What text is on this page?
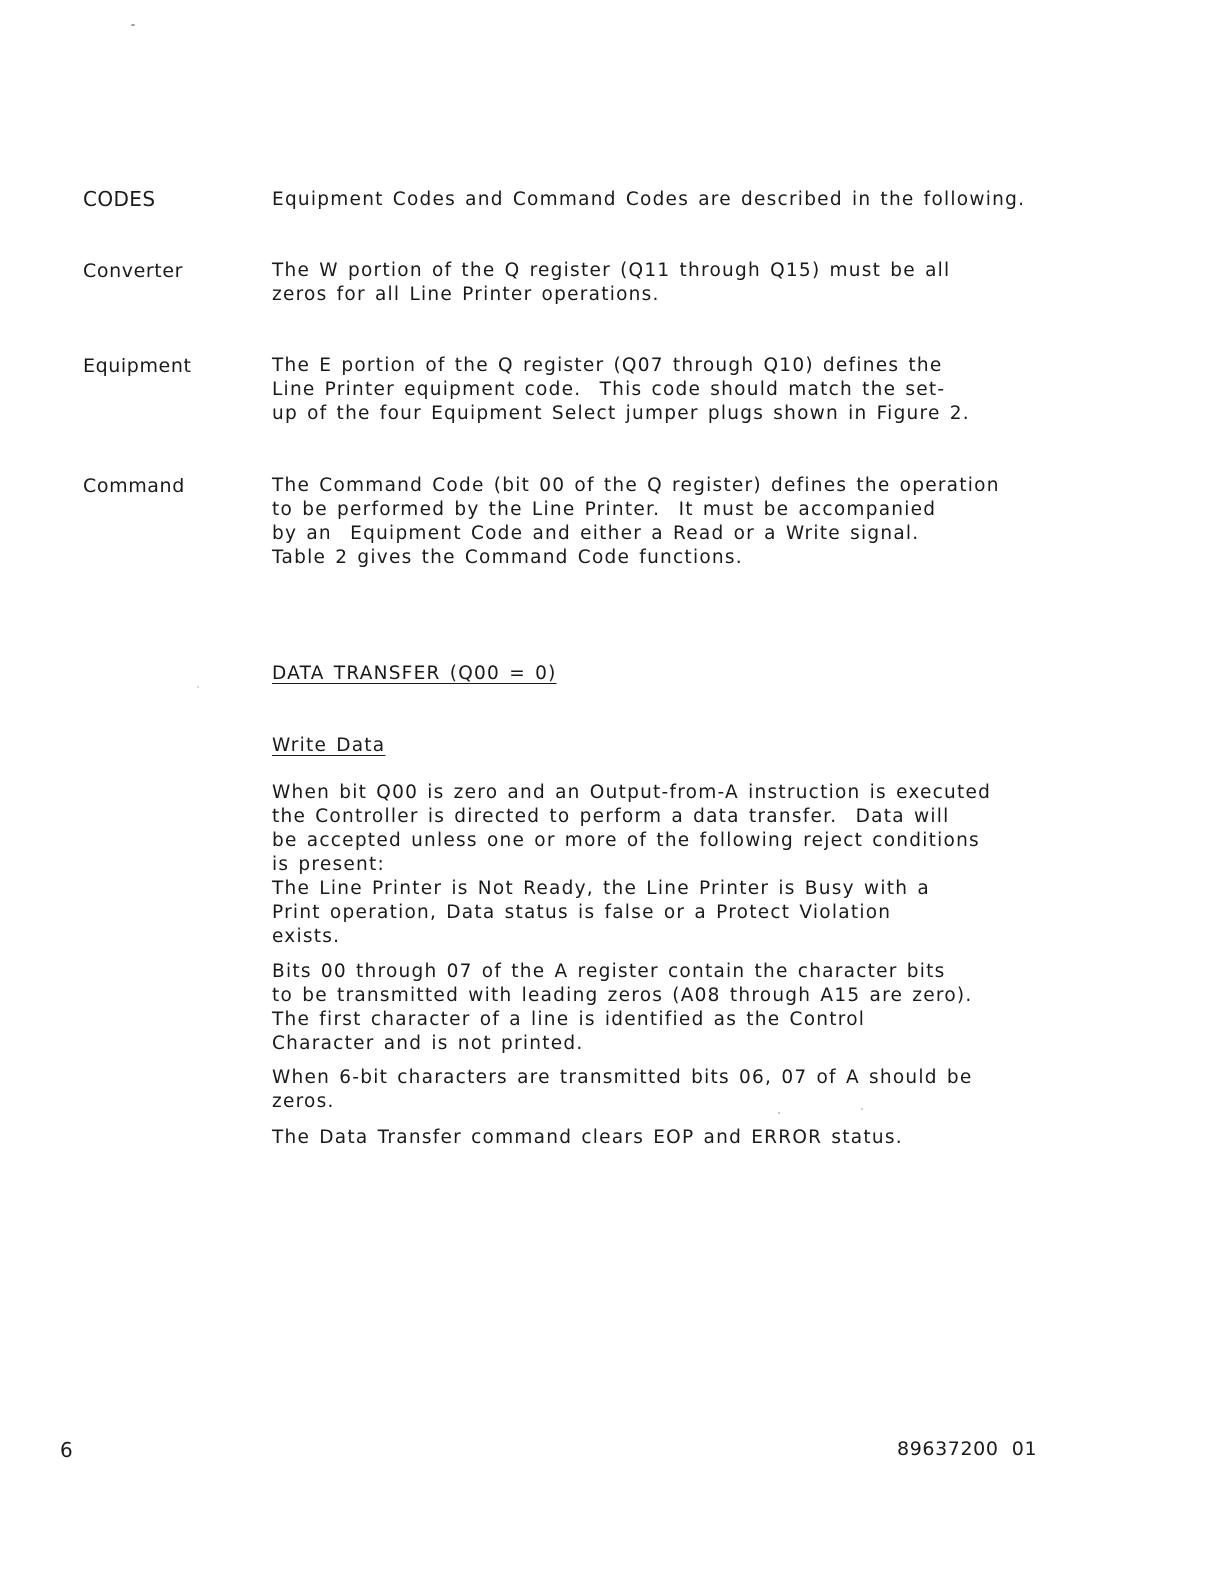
CODES	Equipment Codes and Command Codes are described in the following.
Converter	The W portion of the Q register (Q11 through Q15) must be all
zeros for all Line Printer operations.
Equipment	The E portion of the Q register (Q07 through Q10) defines the
Line Printer equipment code.  This code should match the set-
up of the four Equipment Select jumper plugs shown in Figure 2.
Command	The Command Code (bit 00 of the Q register) defines the operation
to be performed by the Line Printer.  It must be accompanied
by an  Equipment Code and either a Read or a Write signal.
Table 2 gives the Command Code functions.
DATA TRANSFER (Q00 = 0)
Write Data
When bit Q00 is zero and an Output-from-A instruction is executed
the Controller is directed to perform a data transfer.  Data will
be accepted unless one or more of the following reject conditions
is present:
The Line Printer is Not Ready, the Line Printer is Busy with a
Print operation, Data status is false or a Protect Violation
exists.
Bits 00 through 07 of the A register contain the character bits
to be transmitted with leading zeros (A08 through A15 are zero).
The first character of a line is identified as the Control
Character and is not printed.
When 6-bit characters are transmitted bits 06, 07 of A should be
zeros.
The Data Transfer command clears EOP and ERROR status.
6	89637200  01
